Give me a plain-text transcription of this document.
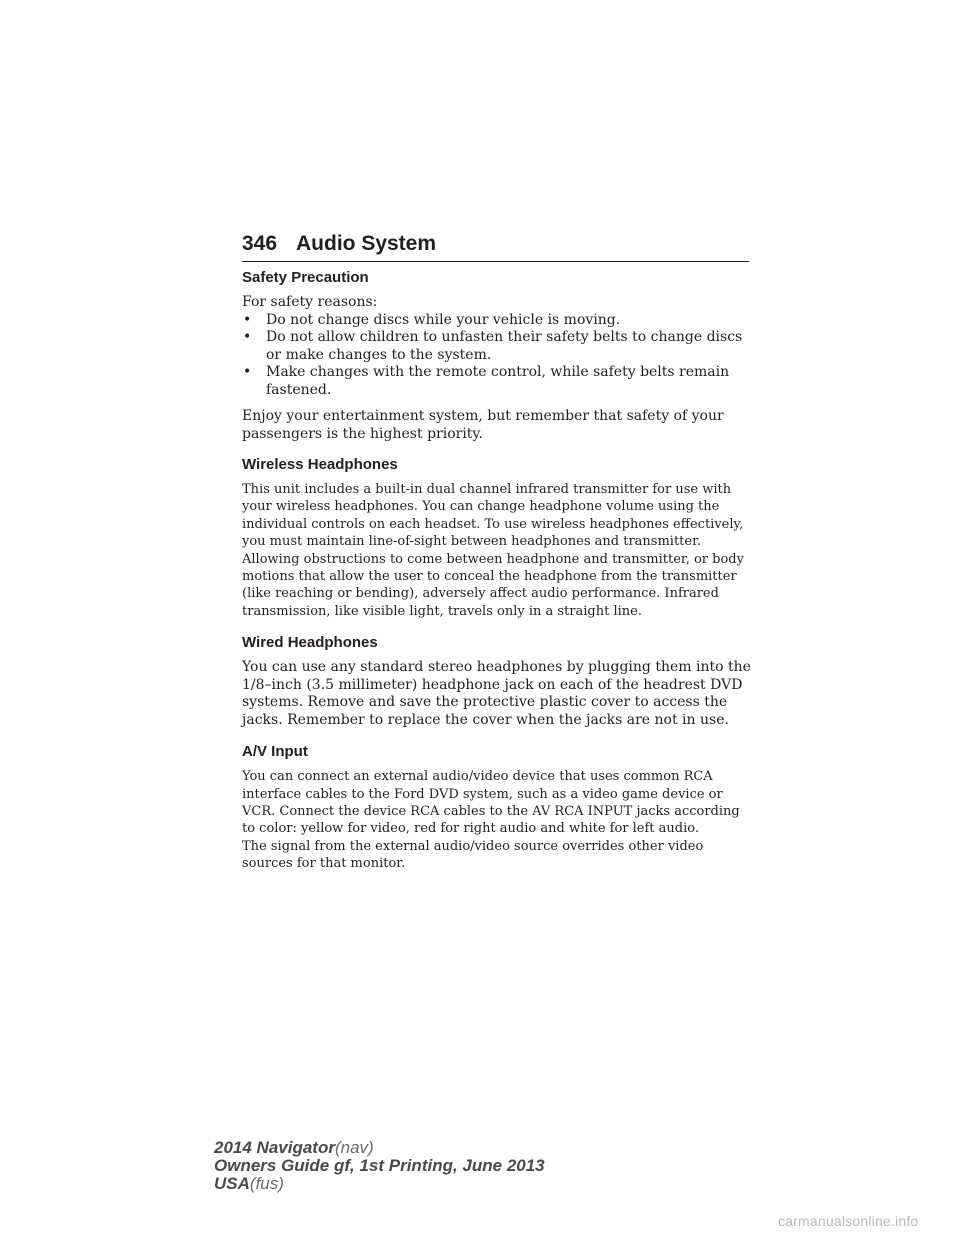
346 Audio System
Safety Precaution

For safety reasons:

• Do not change discs while your vehicle is moving.
• Do not allow children to unfasten their safety belts to change discs or make changes to the system.
• Make changes with the remote control, while safety belts remain fastened.

Enjoy your entertainment system, but remember that safety of your passengers is the highest priority.

Wireless Headphones

This unit includes a built-in dual channel infrared transmitter for use with your wireless headphones. You can change headphone volume using the individual controls on each headset. To use wireless headphones effectively, you must maintain line-of-sight between headphones and transmitter. Allowing obstructions to come between headphone and transmitter, or body motions that allow the user to conceal the headphone from the transmitter (like reaching or bending), adversely affect audio performance. Infrared transmission, like visible light, travels only in a straight line.

Wired Headphones

You can use any standard stereo headphones by plugging them into the 1/8–inch (3.5 millimeter) headphone jack on each of the headrest DVD systems. Remove and save the protective plastic cover to access the jacks. Remember to replace the cover when the jacks are not in use.

A/V Input

You can connect an external audio/video device that uses common RCA interface cables to the Ford DVD system, such as a video game device or VCR. Connect the device RCA cables to the AV RCA INPUT jacks according to color: yellow for video, red for right audio and white for left audio.

The signal from the external audio/video source overrides other video sources for that monitor.

2014 Navigator(nav)
Owners Guide gf, 1st Printing, June 2013
USA(fus)
carmanualsonline.info
